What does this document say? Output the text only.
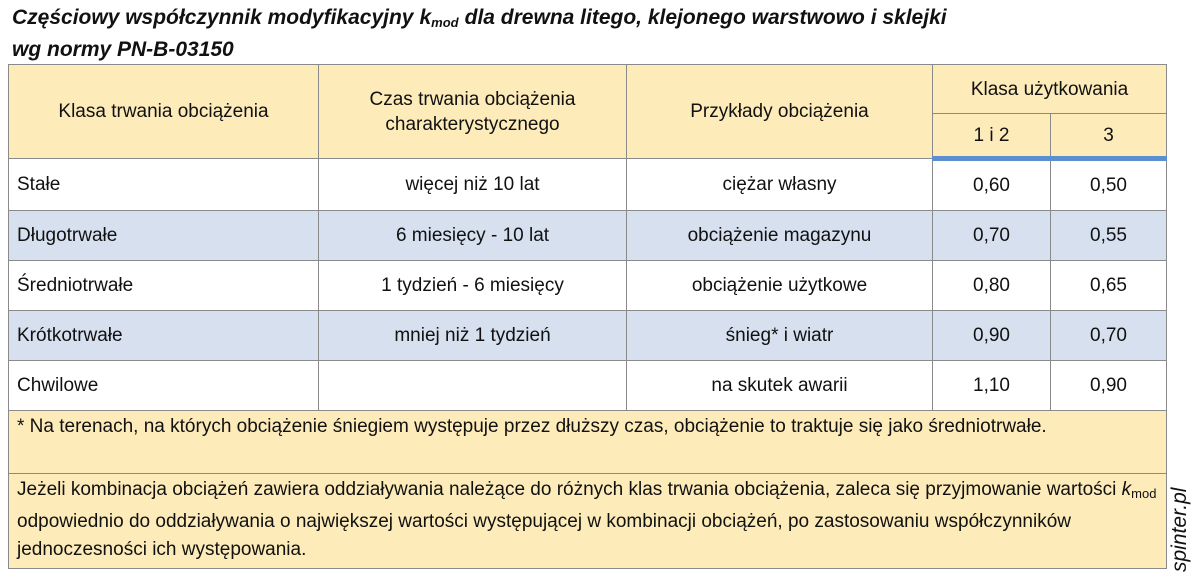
Częściowy współczynnik modyfikacyjny $k_{mod}$ dla drewna litego, klejonego warstwowo i sklejki
wg normy PN-B-03150
Klasa trwania obciążenia	Czas trwania obciążenia charakterystycznego	Przykłady obciążenia	Klasa użytkowania	
			1 i 2	3
Stałe	więcej niż 10 lat	ciężar własny	0,60	0,50
Długotrwałe	6 miesięcy - 10 lat	obciążenie magazynu	0,70	0,55
Średniotrwałe	1 tydzień - 6 miesięcy	obciążenie użytkowe	0,80	0,65
Krótkotrwałe	mniej niż 1 tydzień	śnieg* i wiatr	0,90	0,70
Chwilowe		na skutek awarii	1,10	0,90
* Na terenach, na których obciążenie śniegiem występuje przez dłuższy czas, obciążenie to traktuje się jako średniotrwałe.				
Jeżeli kombinacja obciążeń zawiera oddziaływania należące do różnych klas trwania obciążenia, zaleca się przyjmowanie wartości $k_{mod}$ odpowiednio do oddziaływania o największej wartości występującej w kombinacji obciążeń, po zastosowaniu współczynników jednoczesności ich występowania.					spinter.pl
